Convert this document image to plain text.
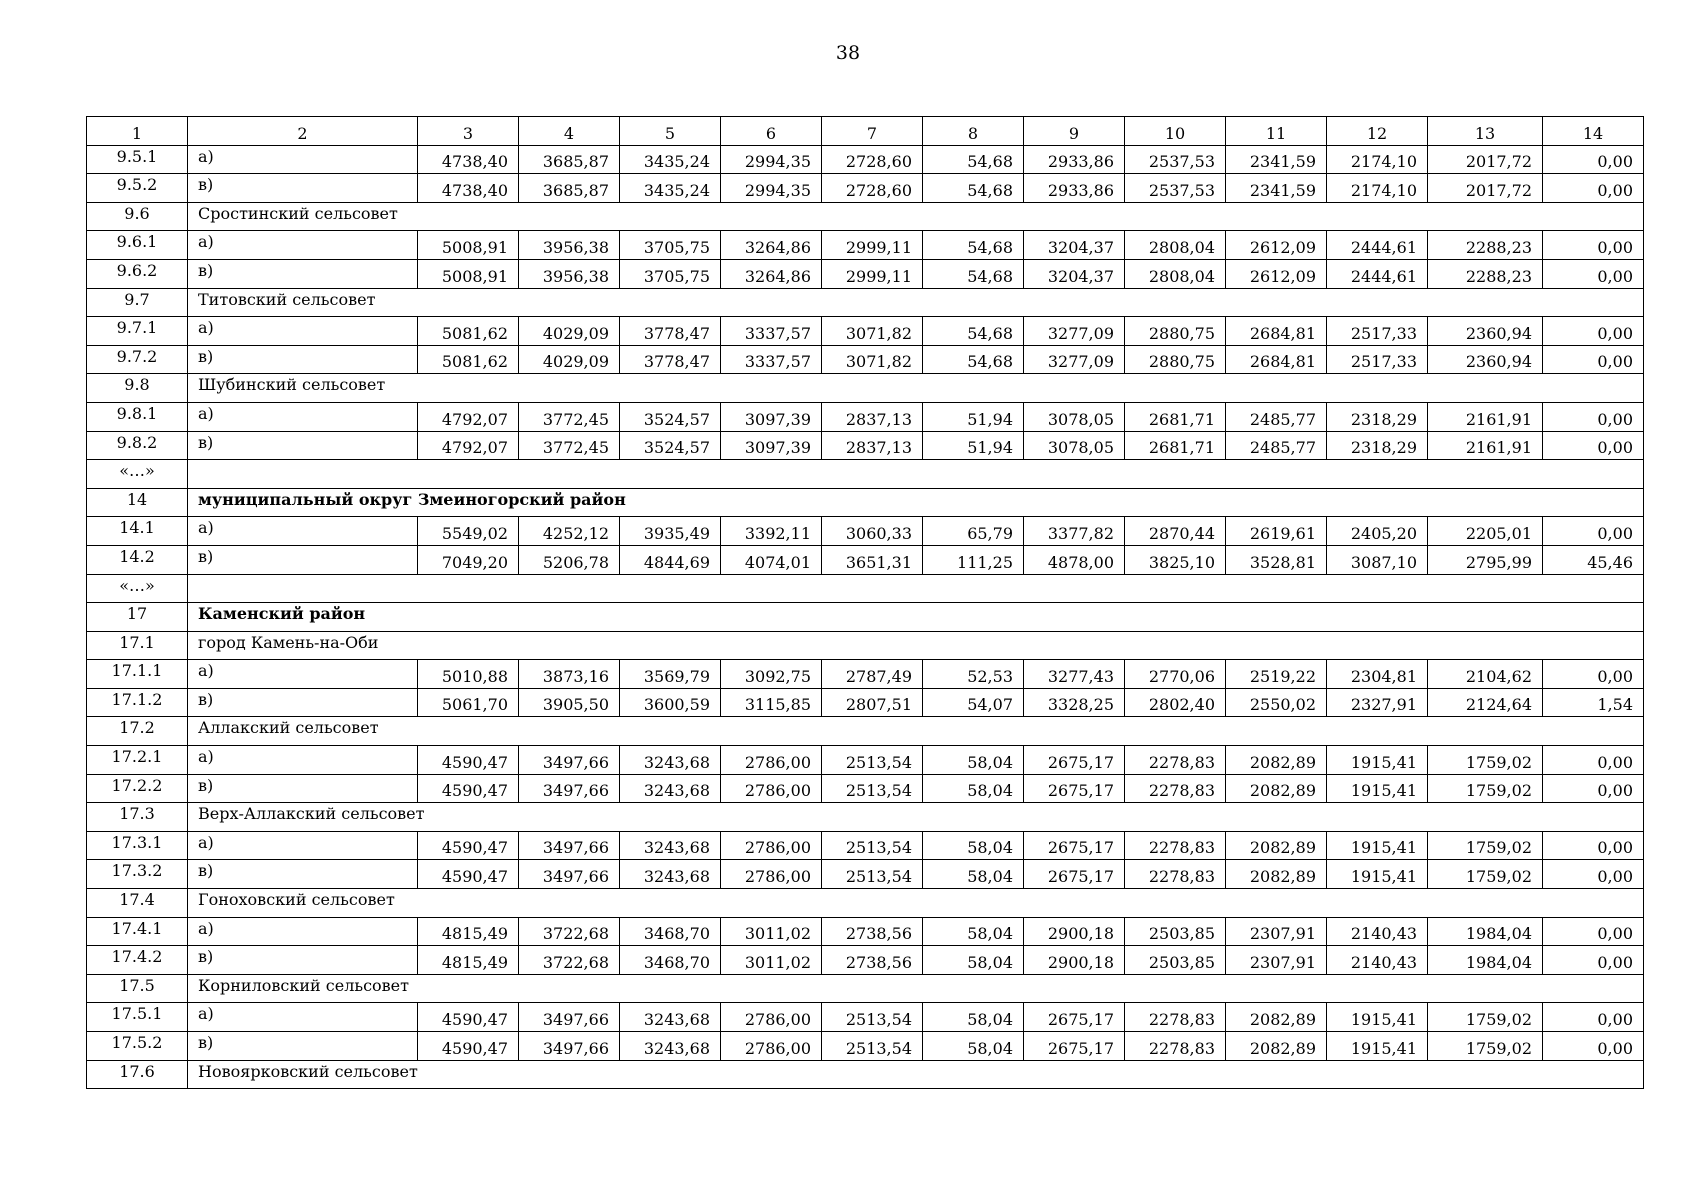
38
1	2	3	4	5	6	7	8	9	10	11	12	13	14
9.5.1	а)	4738,40	3685,87	3435,24	2994,35	2728,60	54,68	2933,86	2537,53	2341,59	2174,10	2017,72	0,00
9.5.2	в)	4738,40	3685,87	3435,24	2994,35	2728,60	54,68	2933,86	2537,53	2341,59	2174,10	2017,72	0,00
9.6	Сростинский сельсовет												
9.6.1	а)	5008,91	3956,38	3705,75	3264,86	2999,11	54,68	3204,37	2808,04	2612,09	2444,61	2288,23	0,00
9.6.2	в)	5008,91	3956,38	3705,75	3264,86	2999,11	54,68	3204,37	2808,04	2612,09	2444,61	2288,23	0,00
9.7	Титовский сельсовет												
9.7.1	а)	5081,62	4029,09	3778,47	3337,57	3071,82	54,68	3277,09	2880,75	2684,81	2517,33	2360,94	0,00
9.7.2	в)	5081,62	4029,09	3778,47	3337,57	3071,82	54,68	3277,09	2880,75	2684,81	2517,33	2360,94	0,00
9.8	Шубинский сельсовет												
9.8.1	а)	4792,07	3772,45	3524,57	3097,39	2837,13	51,94	3078,05	2681,71	2485,77	2318,29	2161,91	0,00
9.8.2	в)	4792,07	3772,45	3524,57	3097,39	2837,13	51,94	3078,05	2681,71	2485,77	2318,29	2161,91	0,00
«…»													
14	муниципальный округ Змеиногорский район												
14.1	а)	5549,02	4252,12	3935,49	3392,11	3060,33	65,79	3377,82	2870,44	2619,61	2405,20	2205,01	0,00
14.2	в)	7049,20	5206,78	4844,69	4074,01	3651,31	111,25	4878,00	3825,10	3528,81	3087,10	2795,99	45,46
«…»													
17	Каменский район												
17.1	город Камень-на-Оби												
17.1.1	а)	5010,88	3873,16	3569,79	3092,75	2787,49	52,53	3277,43	2770,06	2519,22	2304,81	2104,62	0,00
17.1.2	в)	5061,70	3905,50	3600,59	3115,85	2807,51	54,07	3328,25	2802,40	2550,02	2327,91	2124,64	1,54
17.2	Аллакский сельсовет												
17.2.1	а)	4590,47	3497,66	3243,68	2786,00	2513,54	58,04	2675,17	2278,83	2082,89	1915,41	1759,02	0,00
17.2.2	в)	4590,47	3497,66	3243,68	2786,00	2513,54	58,04	2675,17	2278,83	2082,89	1915,41	1759,02	0,00
17.3	Верх-Аллакский сельсовет												
17.3.1	а)	4590,47	3497,66	3243,68	2786,00	2513,54	58,04	2675,17	2278,83	2082,89	1915,41	1759,02	0,00
17.3.2	в)	4590,47	3497,66	3243,68	2786,00	2513,54	58,04	2675,17	2278,83	2082,89	1915,41	1759,02	0,00
17.4	Гоноховский сельсовет												
17.4.1	а)	4815,49	3722,68	3468,70	3011,02	2738,56	58,04	2900,18	2503,85	2307,91	2140,43	1984,04	0,00
17.4.2	в)	4815,49	3722,68	3468,70	3011,02	2738,56	58,04	2900,18	2503,85	2307,91	2140,43	1984,04	0,00
17.5	Корниловский сельсовет												
17.5.1	а)	4590,47	3497,66	3243,68	2786,00	2513,54	58,04	2675,17	2278,83	2082,89	1915,41	1759,02	0,00
17.5.2	в)	4590,47	3497,66	3243,68	2786,00	2513,54	58,04	2675,17	2278,83	2082,89	1915,41	1759,02	0,00
17.6	Новоярковский сельсовет												
